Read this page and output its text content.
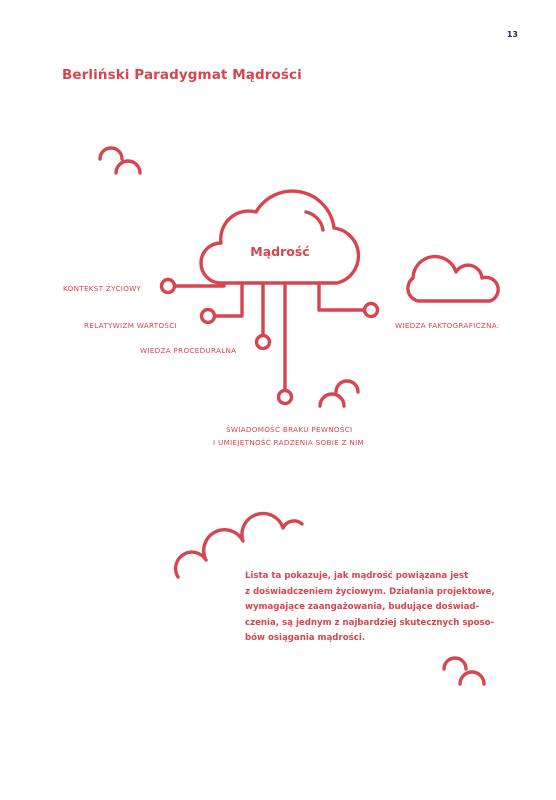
13
Berliński Paradygmat Mądrości
Mądrość
KONTEKST ŻYCIOWY
RELATYWIZM WARTOŚCI
WIEDZA PROCEDURALNA
WIEDZA FAKTOGRAFICZNA:
ŚWIADOMOŚĆ BRAKU PEWNOŚCI
I UMIEJĘTNOŚĆ RADZENIA SOBIE Z NIM
Lista ta pokazuje, jak mądrość powiązana jest
z doświadczeniem życiowym. Działania projektowe,
wymagające zaangażowania, budujące doświad-
czenia, są jednym z najbardziej skutecznych sposo-
bów osiągania mądrości.
